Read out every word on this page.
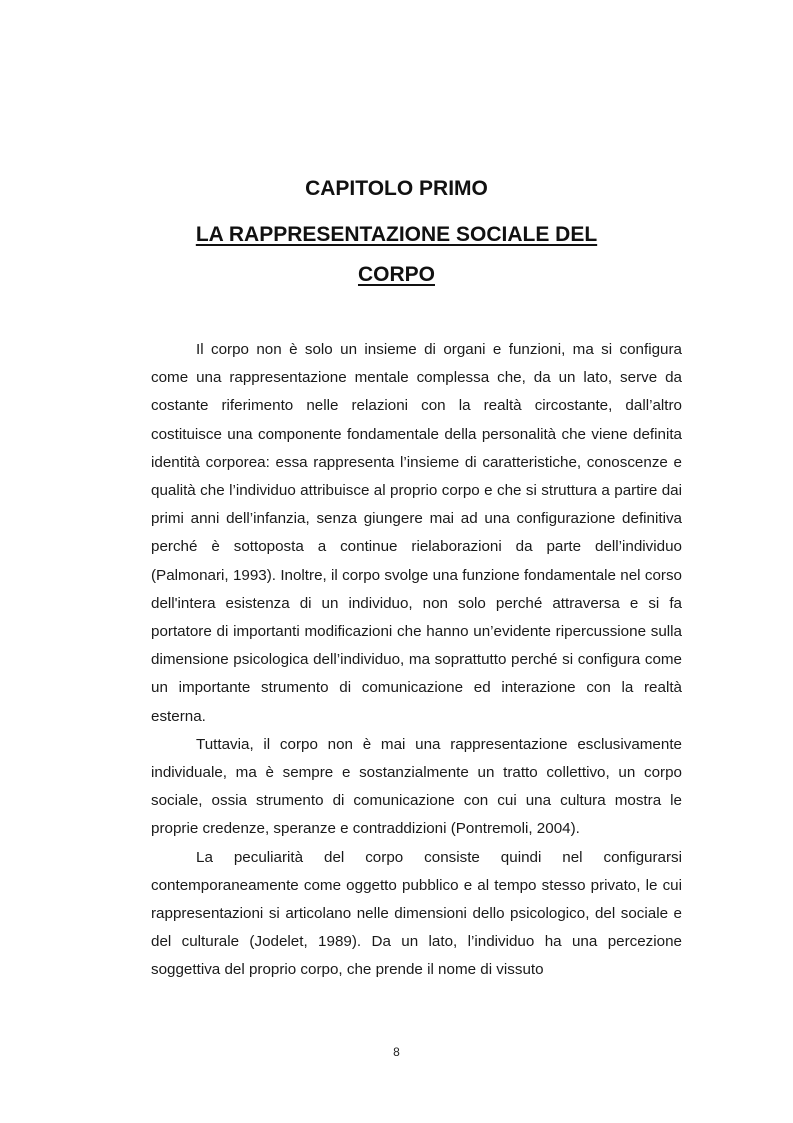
CAPITOLO PRIMO
LA RAPPRESENTAZIONE SOCIALE DEL
CORPO

Il corpo non è solo un insieme di organi e funzioni, ma si configura come una rappresentazione mentale complessa che, da un lato, serve da costante riferimento nelle relazioni con la realtà circostante, dall’altro costituisce una componente fondamentale della personalità che viene definita identità corporea: essa rappresenta l’insieme di caratteristiche, conoscenze e qualità che l’individuo attribuisce al proprio corpo e che si struttura a partire dai primi anni dell’infanzia, senza giungere mai ad una configurazione definitiva perché è sottoposta a continue rielaborazioni da parte dell’individuo (Palmonari, 1993). Inoltre, il corpo svolge una funzione fondamentale nel corso dell'intera esistenza di un individuo, non solo perché attraversa e si fa portatore di importanti modificazioni che hanno un’evidente ripercussione sulla dimensione psicologica dell’individuo, ma soprattutto perché si configura come un importante strumento di comunicazione ed interazione con la realtà esterna.

Tuttavia, il corpo non è mai una rappresentazione esclusivamente individuale, ma è sempre e sostanzialmente un tratto collettivo, un corpo sociale, ossia strumento di comunicazione con cui una cultura mostra le proprie credenze, speranze e contraddizioni (Pontremoli, 2004).

La peculiarità del corpo consiste quindi nel configurarsi contemporaneamente come oggetto pubblico e al tempo stesso privato, le cui rappresentazioni si articolano nelle dimensioni dello psicologico, del sociale e del culturale (Jodelet, 1989). Da un lato, l’individuo ha una percezione soggettiva del proprio corpo, che prende il nome di vissuto

8
